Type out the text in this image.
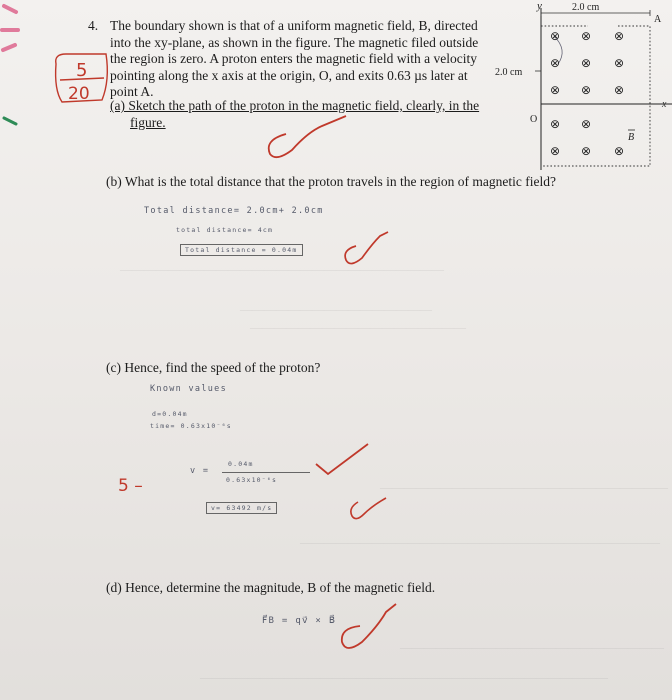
―――――――――――――――――――――――――――
――――――――――――――――
――――――――――――――――――
――――――――――――――――――――――――
――――――――――――――――――――――――――――――
――――――――――――――――――――――
――――――――――――――――――――――――――――――――――
4. The boundary shown is that of a uniform magnetic field, B, directed
into the xy-plane, as shown in the figure. The magnetic filed outside
the region is zero. A proton enters the magnetic field with a velocity
pointing along the x axis at the origin, O, and exits 0.63 µs later at
point A.
(a) Sketch the path of the proton in the magnetic field, clearly, in the
figure.
5
20
y
x
2.0 cm
2.0 cm
O
A
B
⊗ ⊗ ⊗
⊗ ⊗ ⊗
⊗ ⊗ ⊗
⊗ ⊗
⊗ ⊗ ⊗
(b) What is the total distance that the proton travels in the region of magnetic field?
Total distance= 2.0cm+ 2.0cm
total distance= 4cm
Total distance = 0.04m
(c) Hence, find the speed of the proton?
Known values
d=0.04m
time= 0.63x10⁻⁶s
v =
0.04m
0.63x10⁻⁶s
v= 63492 m/s
5 –
(d) Hence, determine the magnitude, B of the magnetic field.
F⃗B = qv⃗ × B⃗
